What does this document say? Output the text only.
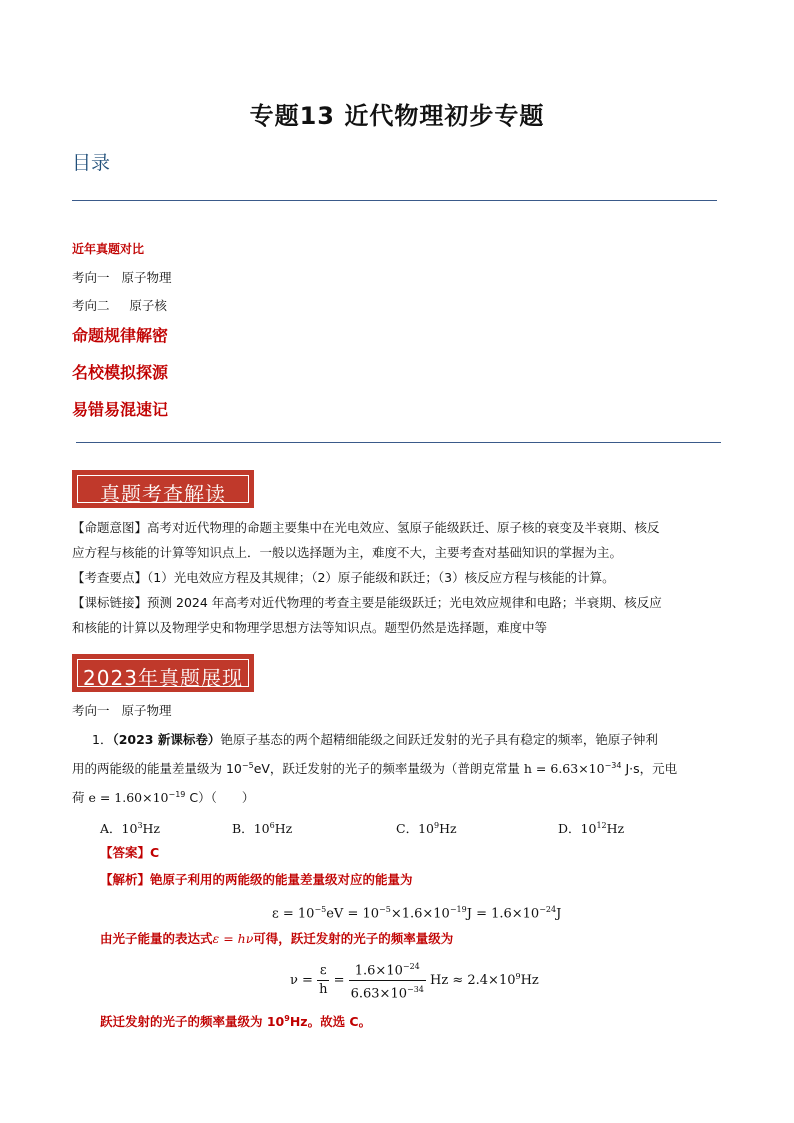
专题13 近代物理初步专题
目录
近年真题对比
考向一 原子物理
考向二 原子核
命题规律解密
名校模拟探源
易错易混速记
真题考查解读
【命题意图】高考对近代物理的命题主要集中在光电效应、氢原子能级跃迁、原子核的衰变及半衰期、核反
应方程与核能的计算等知识点上．一般以选择题为主，难度不大，主要考查对基础知识的掌握为主。
【考查要点】（1）光电效应方程及其规律；（2）原子能级和跃迁；（3）核反应方程与核能的计算。
【课标链接】预测 2024 年高考对近代物理的考查主要是能级跃迁；光电效应规律和电路；半衰期、核反应
和核能的计算以及物理学史和物理学思想方法等知识点。题型仍然是选择题，难度中等
2023年真题展现
考向一 原子物理
1．（2023 新课标卷）铯原子基态的两个超精细能级之间跃迁发射的光子具有稳定的频率，铯原子钟利
用的两能级的能量差量级为 $10^{-5}eV$，跃迁发射的光子的频率量级为（普朗克常量 $h = 6.63\times 10^{-34}$ J·s，元电
荷 $e = 1.60\times 10^{-19}$ C）（　　）
A．$10^3Hz$	B．$10^6Hz$	C．$10^9Hz$	D．$10^{12}Hz$
【答案】C
【解析】铯原子利用的两能级的能量差量级对应的能量为
$\varepsilon = 10^{-5}eV = 10^{-5}\times 1.6\times 10^{-19}J = 1.6\times 10^{-24}J$
由光子能量的表达式ε = hν可得，跃迁发射的光子的频率量级为
$\nu = \frac{\varepsilon}{h} = \frac{1.6\times 10^{-24}}{6.63\times 10^{-34}}$ $Hz \approx 2.4\times 10^9Hz$
跃迁发射的光子的频率量级为 $10^9Hz$。故选 C。
